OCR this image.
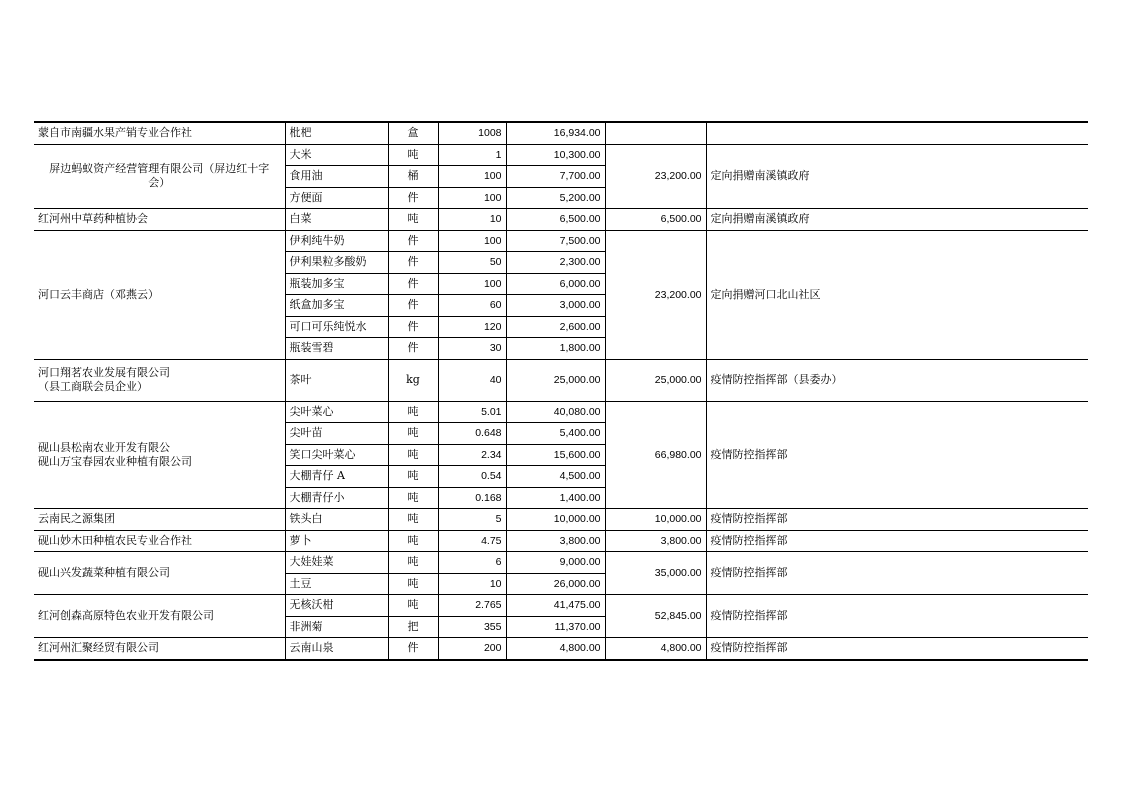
蒙自市南疆水果产销专业合作社	枇杷	盒	1008	16,934.00		

屏边蚂蚁资产经营管理有限公司（屏边红十字
会）	大米	吨	1	10,300.00	23,200.00	定向捐赠南溪镇政府
	食用油	桶	100	7,700.00		
	方便面	件	100	5,200.00		
红河州中草药种植协会	白菜	吨	10	6,500.00	6,500.00	定向捐赠南溪镇政府
河口云丰商店（邓燕云）	伊利纯牛奶	件	100	7,500.00	23,200.00	定向捐赠河口北山社区
	伊利果粒多酸奶	件	50	2,300.00		
	瓶装加多宝	件	100	6,000.00		
	纸盒加多宝	件	60	3,000.00		
	可口可乐纯悦水	件	120	2,600.00		
	瓶装雪碧	件	30	1,800.00		

河口翔茗农业发展有限公司
（县工商联会员企业）	茶叶	kg	40	25,000.00	25,000.00	疫情防控指挥部（县委办）

砚山县松南农业开发有限公
砚山万宝春园农业种植有限公司	尖叶菜心	吨	5.01	40,080.00	66,980.00	疫情防控指挥部
	尖叶苗	吨	0.648	5,400.00		
	笑口尖叶菜心	吨	2.34	15,600.00		
	大棚青仔 A	吨	0.54	4,500.00		
	大棚青仔小	吨	0.168	1,400.00		
云南民之源集团	铁头白	吨	5	10,000.00	10,000.00	疫情防控指挥部
砚山妙木田种植农民专业合作社	萝卜	吨	4.75	3,800.00	3,800.00	疫情防控指挥部
砚山兴发蔬菜种植有限公司	大娃娃菜	吨	6	9,000.00	35,000.00	疫情防控指挥部
	土豆	吨	10	26,000.00		
红河创森高原特色农业开发有限公司	无核沃柑	吨	2.765	41,475.00	52,845.00	疫情防控指挥部
	非洲菊	把	355	11,370.00		
红河州汇聚经贸有限公司	云南山泉	件	200	4,800.00	4,800.00	疫情防控指挥部
